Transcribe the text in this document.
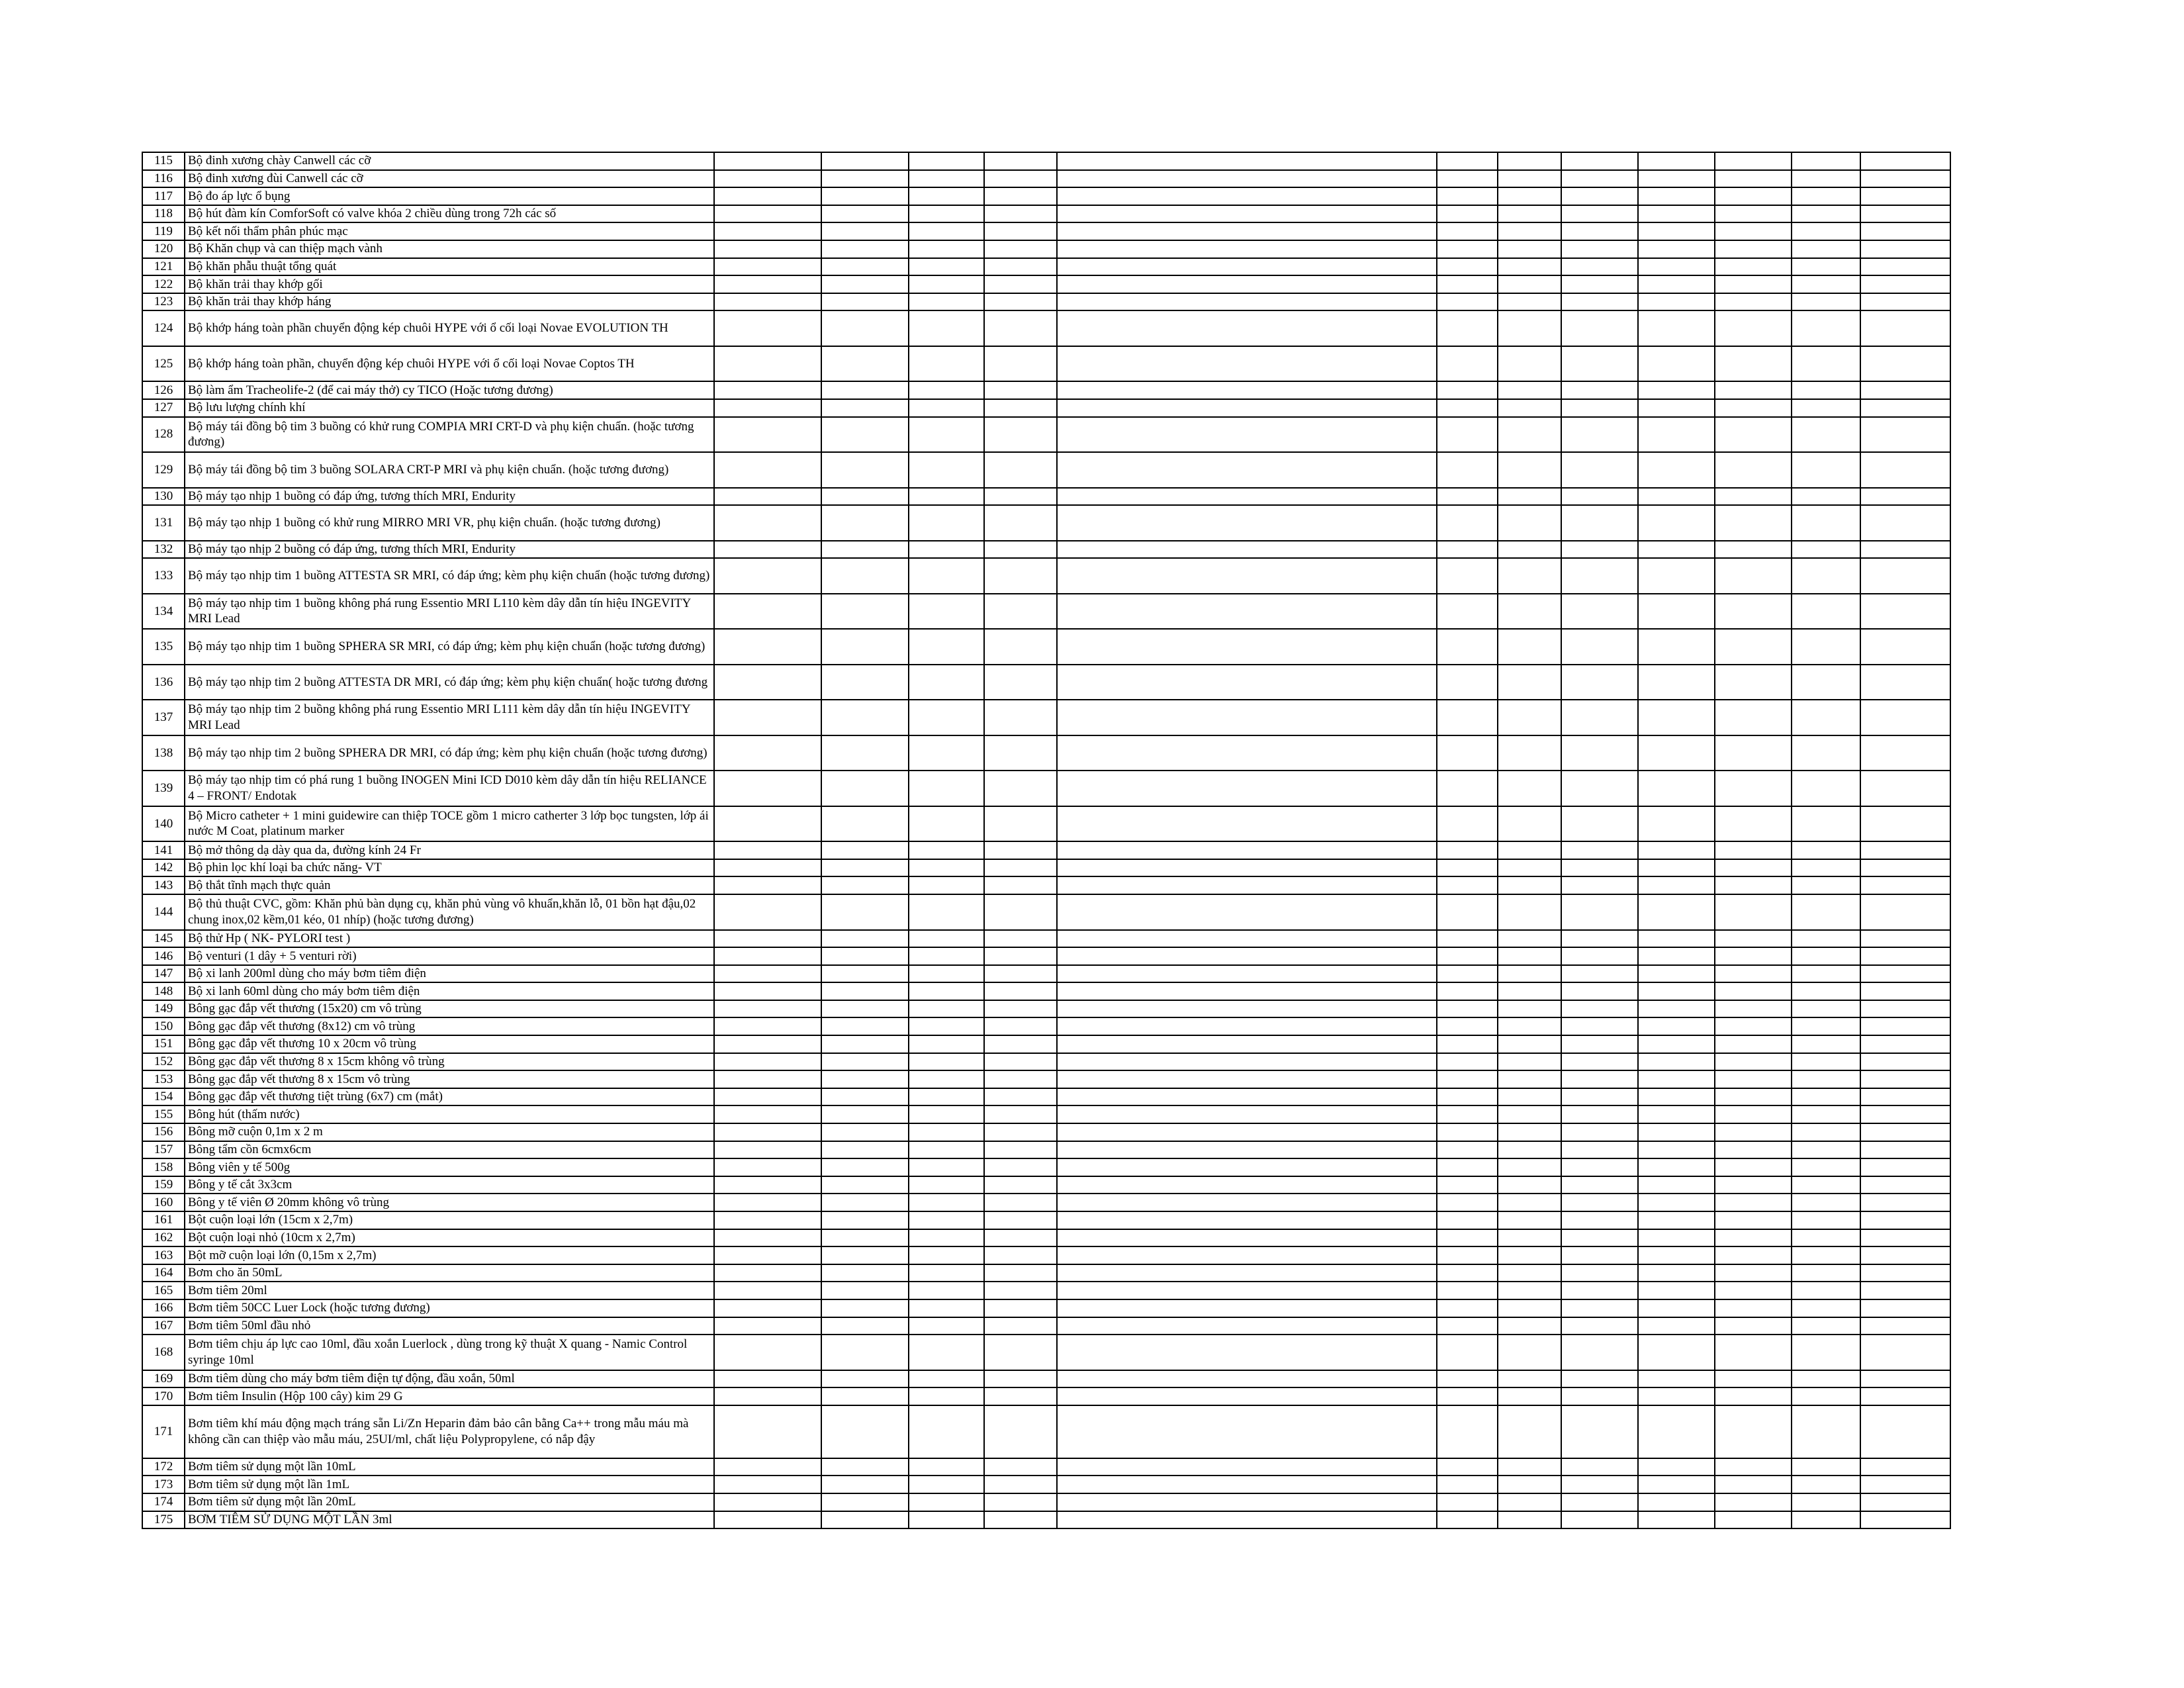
115	Bộ đinh xương chày Canwell các cỡ												
116	Bộ đinh xương đùi Canwell các cỡ												
117	Bộ đo áp lực ổ bụng												
118	Bộ hút đàm kín ComforSoft có valve khóa 2 chiều dùng trong 72h các số												
119	Bộ kết nối thẩm phân phúc mạc												
120	Bộ Khăn chụp và can thiệp mạch vành												
121	Bộ khăn phẫu thuật tổng quát												
122	Bộ khăn trải thay khớp gối												
123	Bộ khăn trải thay khớp háng												
124	Bộ khớp háng toàn phần chuyển động kép chuôi HYPE với ổ cối loại Novae EVOLUTION TH												
125	Bộ khớp háng toàn phần, chuyển động kép chuôi HYPE với ổ cối loại Novae Coptos TH												
126	Bộ làm ẩm Tracheolife-2 (để cai máy thở) cy TICO (Hoặc tương đương)												
127	Bộ lưu lượng chính khí												
128	Bộ máy tái đồng bộ tim 3 buồng có khử rung COMPIA MRI CRT-D và phụ kiện chuẩn. (hoặc tương đương)												
129	Bộ máy tái đồng bộ tim 3 buồng SOLARA CRT-P MRI và phụ kiện chuẩn. (hoặc tương đương)												
130	Bộ máy tạo nhịp 1 buồng có đáp ứng, tương thích MRI, Endurity												
131	Bộ máy tạo nhịp 1 buồng có khử rung MIRRO MRI VR, phụ kiện chuẩn. (hoặc tương đương)												
132	Bộ máy tạo nhịp 2 buồng có đáp ứng, tương thích MRI, Endurity												
133	Bộ máy tạo nhịp tim 1 buồng ATTESTA SR MRI, có đáp ứng; kèm phụ kiện chuẩn (hoặc tương đương)												
134	Bộ máy tạo nhịp tim 1 buồng không phá rung Essentio MRI L110 kèm dây dẫn tín hiệu INGEVITY MRI Lead												
135	Bộ máy tạo nhịp tim 1 buồng SPHERA SR MRI, có đáp ứng; kèm phụ kiện chuẩn (hoặc tương đương)												
136	Bộ máy tạo nhịp tim 2 buồng ATTESTA DR MRI, có đáp ứng; kèm phụ kiện chuẩn( hoặc tương đương												
137	Bộ máy tạo nhịp tim 2 buồng không phá rung Essentio MRI L111 kèm dây dẫn tín hiệu INGEVITY MRI Lead												
138	Bộ máy tạo nhịp tim 2 buồng SPHERA DR MRI, có đáp ứng; kèm phụ kiện chuẩn (hoặc tương đương)												
139	Bộ máy tạo nhịp tim có phá rung 1 buồng INOGEN Mini ICD D010 kèm dây dẫn tín hiệu RELIANCE 4 – FRONT/ Endotak												
140	Bộ Micro catheter + 1 mini guidewire can thiệp TOCE gồm 1 micro catherter 3 lớp bọc tungsten, lớp ái nước M Coat, platinum marker												
141	Bộ mở thông dạ dày qua da, đường kính 24 Fr												
142	Bộ phin lọc khí loại ba chức năng- VT												
143	Bộ thắt tĩnh mạch thực quản												
144	Bộ thủ thuật CVC, gồm: Khăn phủ bàn dụng cụ, khăn phủ vùng vô khuẩn,khăn lỗ, 01 bồn hạt đậu,02 chung inox,02 kềm,01 kéo, 01 nhíp) (hoặc tương đương)												
145	Bộ thử Hp ( NK- PYLORI test )												
146	Bộ venturi (1 dây + 5 venturi rời)												
147	Bộ xi lanh 200ml dùng cho máy bơm tiêm điện												
148	Bộ xi lanh 60ml dùng cho máy bơm tiêm điện												
149	Bông gạc đắp vết thương (15x20) cm vô trùng												
150	Bông gạc đắp vết thương (8x12) cm vô trùng												
151	Bông gạc đắp vết thương 10 x 20cm vô trùng												
152	Bông gạc đắp vết thương 8 x 15cm không vô trùng												
153	Bông gạc đắp vết thương 8 x 15cm vô trùng												
154	Bông gạc đắp vết thương tiệt trùng (6x7) cm (mắt)												
155	Bông hút (thấm nước)												
156	Bông mỡ cuộn 0,1m x 2 m												
157	Bông tẩm cồn 6cmx6cm												
158	Bông viên y tế 500g												
159	Bông y tế cắt 3x3cm												
160	Bông y tế viên Ø 20mm không vô trùng												
161	Bột cuộn loại lớn (15cm x 2,7m)												
162	Bột cuộn loại nhỏ (10cm x 2,7m)												
163	Bột mỡ cuộn loại lớn (0,15m x 2,7m)												
164	Bơm cho ăn 50mL												
165	Bơm tiêm 20ml												
166	Bơm tiêm 50CC Luer Lock (hoặc tương đương)												
167	Bơm tiêm 50ml đầu nhỏ												
168	Bơm tiêm chịu áp lực cao 10ml, đầu xoắn Luerlock , dùng trong kỹ thuật X quang - Namic Control syringe 10ml												
169	Bơm tiêm dùng cho máy bơm tiêm điện tự động, đầu xoắn, 50ml												
170	Bơm tiêm Insulin (Hộp 100 cây) kim 29 G												
171	Bơm tiêm khí máu động mạch tráng sẵn Li/Zn Heparin đảm bảo cân bằng Ca++ trong mẫu máu mà không cần can thiệp vào mẫu máu, 25UI/ml, chất liệu Polypropylene, có nắp đậy												
172	Bơm tiêm sử dụng một lần 10mL												
173	Bơm tiêm sử dụng một lần 1mL												
174	Bơm tiêm sử dụng một lần 20mL												
175	BƠM TIÊM SỬ DỤNG MỘT LẦN 3ml												
